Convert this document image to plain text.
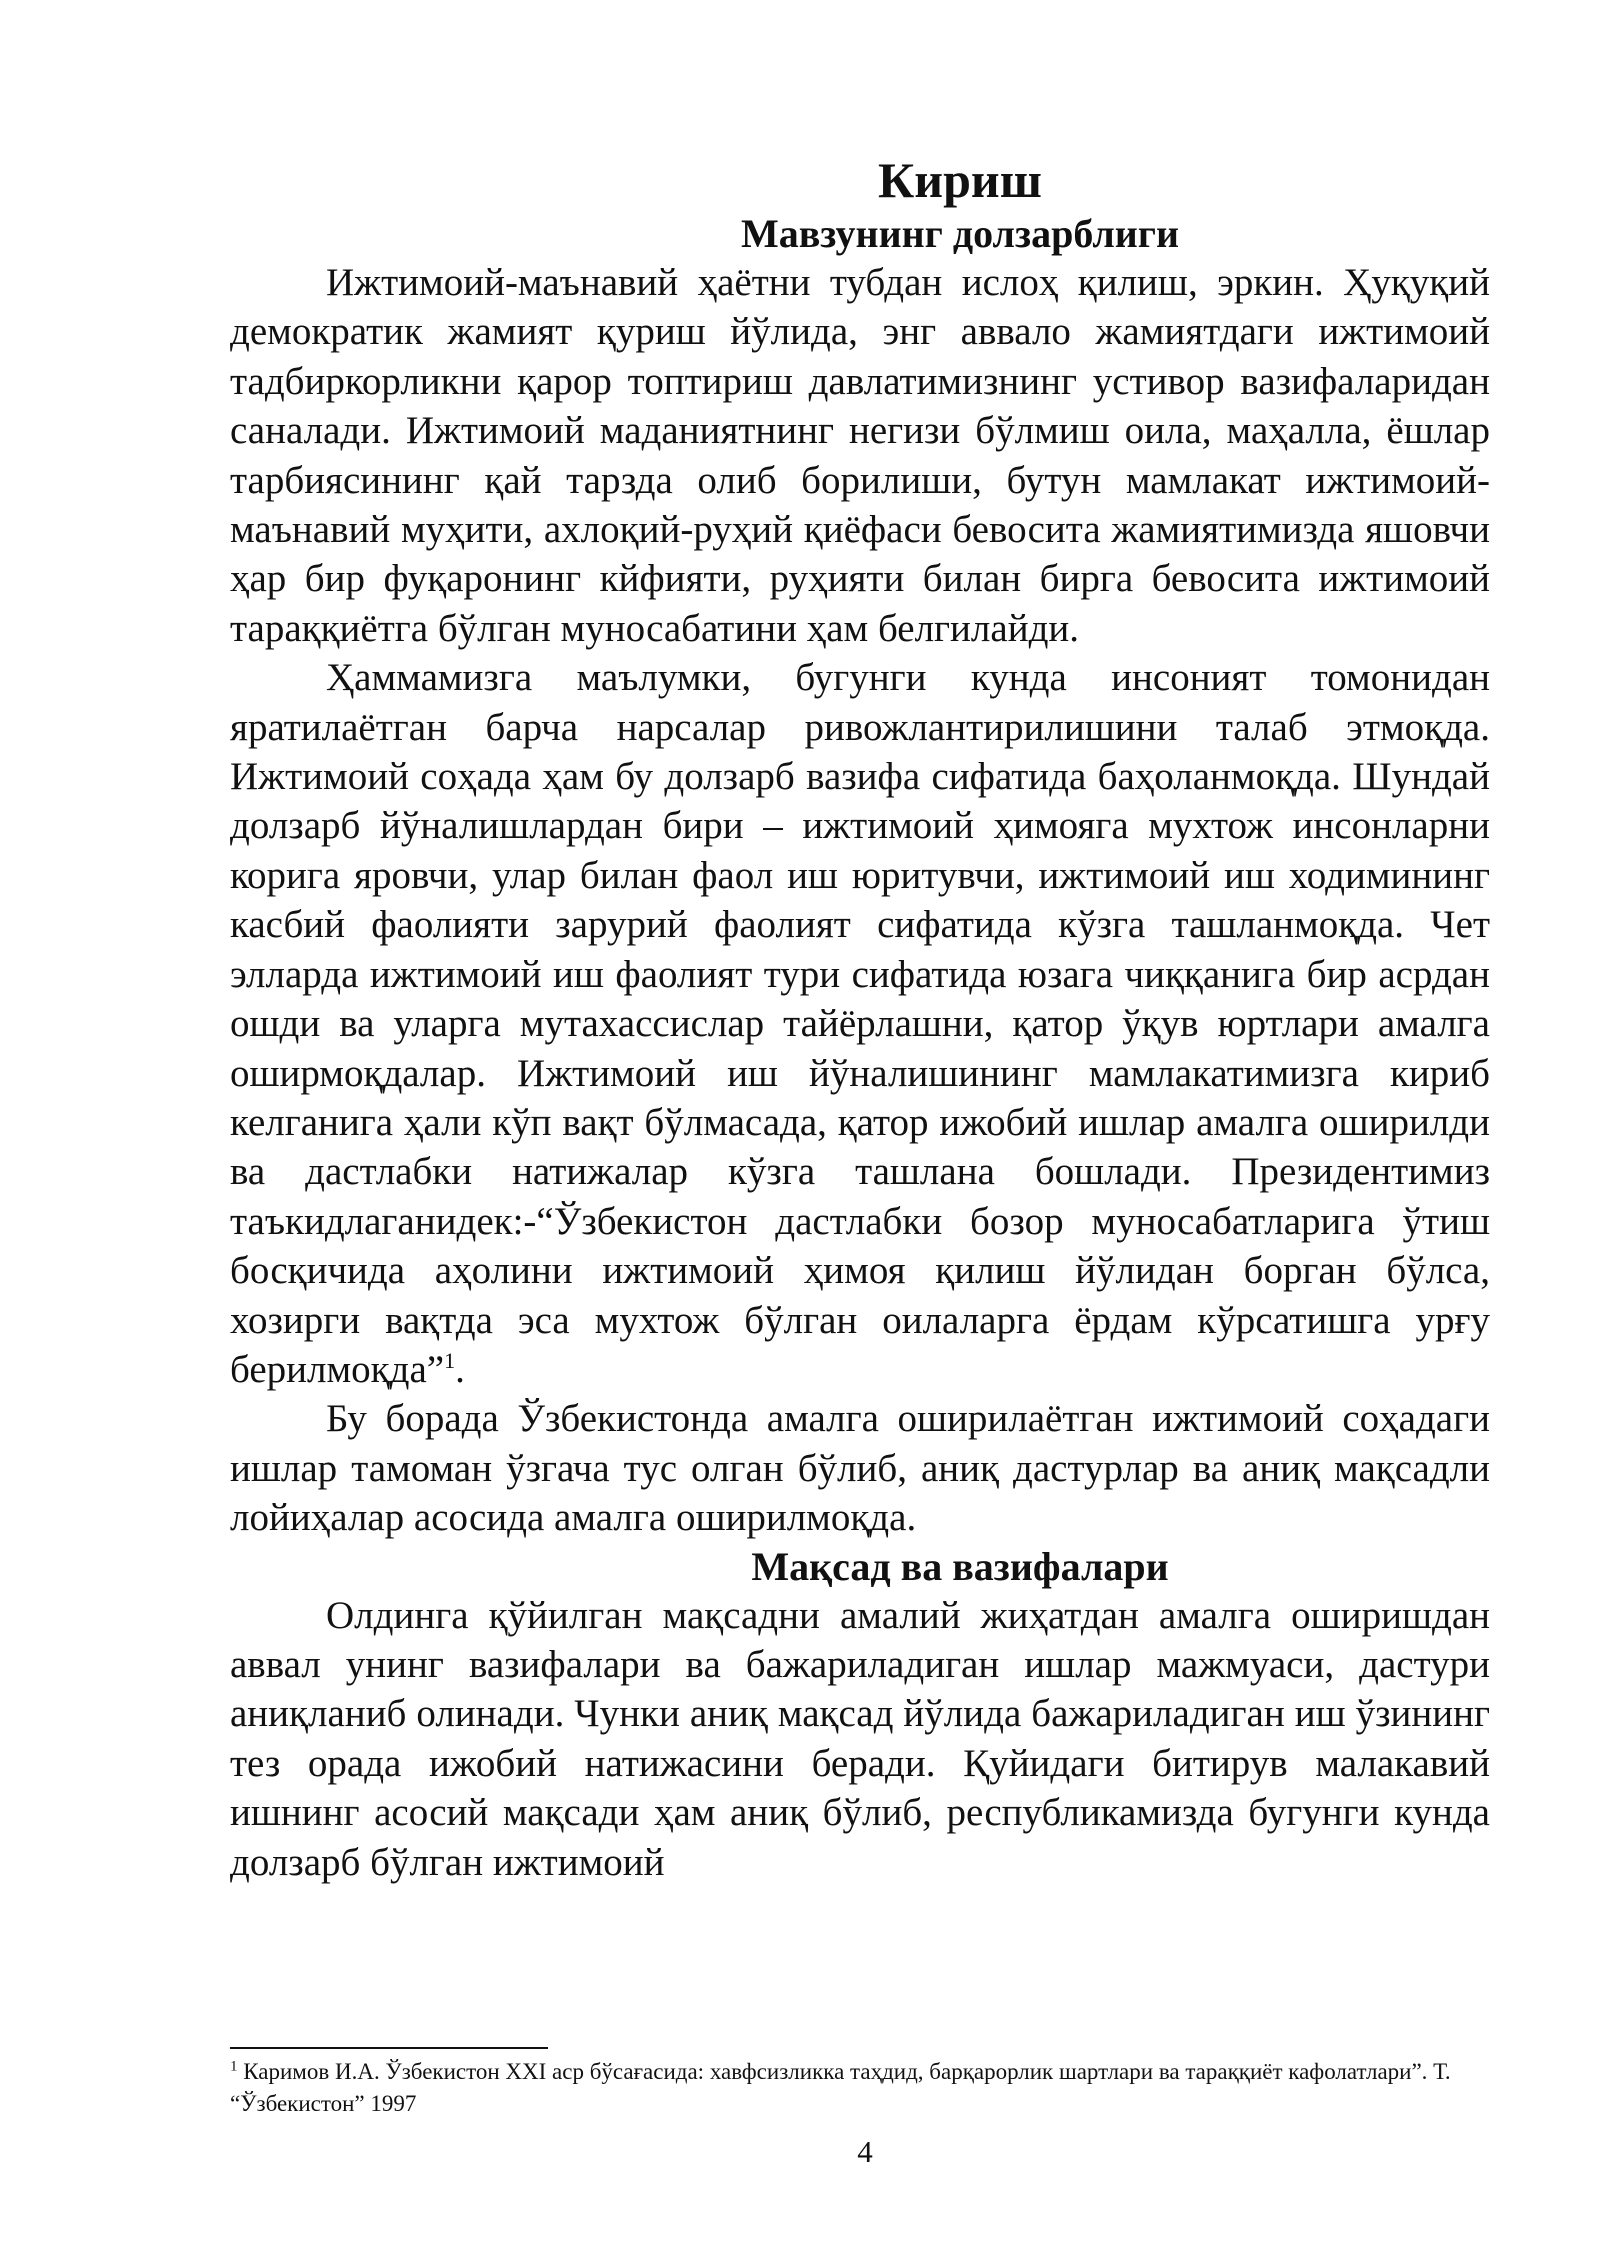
Кириш
Мавзунинг долзарблиги

Ижтимоий-маънавий ҳаётни тубдан ислоҳ қилиш, эркин. Ҳуқуқий демократик жамият қуриш йўлида, энг аввало жамиятдаги ижтимоий тадбиркорликни қарор топтириш давлатимизнинг устивор вазифаларидан саналади. Ижтимоий маданиятнинг негизи бўлмиш оила, маҳалла, ёшлар тарбиясининг қай тарзда олиб борилиши, бутун мамлакат ижтимоий-маънавий муҳити, ахлоқий-руҳий қиёфаси бевосита жамиятимизда яшовчи ҳар бир фуқаронинг кйфияти, руҳияти билан бирга бевосита ижтимоий тараққиётга бўлган муносабатини ҳам белгилайди.

Ҳаммамизга маълумки, бугунги кунда инсоният томонидан яратилаётган барча нарсалар ривожлантирилишини талаб этмоқда. Ижтимоий соҳада ҳам бу долзарб вазифа сифатида баҳоланмоқда. Шундай долзарб йўналишлардан бири – ижтимоий ҳимояга мухтож инсонларни корига яровчи, улар билан фаол иш юритувчи, ижтимоий иш ходимининг касбий фаолияти зарурий фаолият сифатида кўзга ташланмоқда. Чет элларда ижтимоий иш фаолият тури сифатида юзага чиққанига бир асрдан ошди ва уларга мутахассислар тайёрлашни, қатор ўқув юртлари амалга оширмоқдалар. Ижтимоий иш йўналишининг мамлакатимизга кириб келганига ҳали кўп вақт бўлмасада, қатор ижобий ишлар амалга оширилди ва дастлабки натижалар кўзга ташлана бошлади. Президентимиз таъкидлаганидек:-“Ўзбекистон дастлабки бозор муносабатларига ўтиш босқичида аҳолини ижтимоий ҳимоя қилиш йўлидан борган бўлса, хозирги вақтда эса мухтож бўлган оилаларга ёрдам кўрсатишга урғу берилмоқда”$^1$.

Бу борада Ўзбекистонда амалга оширилаётган ижтимоий соҳадаги ишлар тамоман ўзгача тус олган бўлиб, аниқ дастурлар ва аниқ мақсадли лойиҳалар асосида амалга оширилмоқда.

Мақсад ва вазифалари

Олдинга қўйилган мақсадни амалий жиҳатдан амалга оширишдан аввал унинг вазифалари ва бажариладиган ишлар мажмуаси, дастури аниқланиб олинади. Чунки аниқ мақсад йўлида бажариладиган иш ўзининг тез орада ижобий натижасини беради. Қуйидаги битирув малакавий ишнинг асосий мақсади ҳам аниқ бўлиб, республикамизда бугунги кунда долзарб бўлган ижтимоий

$^1$ Каримов И.А. Ўзбекистон XXI аср бўсағасида: хавфсизликка таҳдид, барқарорлик шартлари ва тараққиёт кафолатлари”. Т. “Ўзбекистон” 1997

4
